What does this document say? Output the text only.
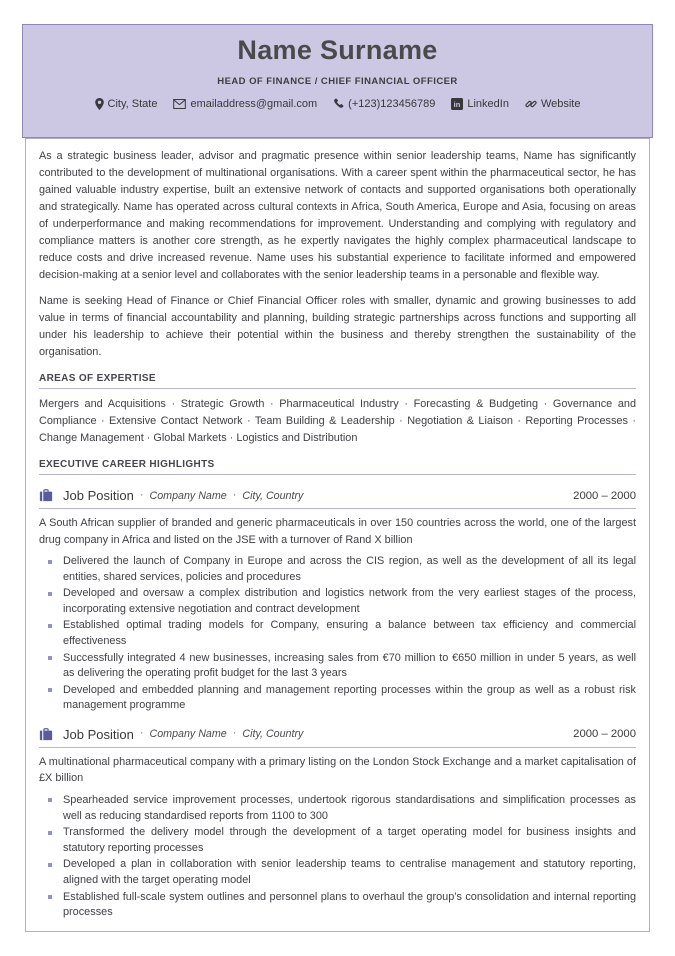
Name Surname
HEAD OF FINANCE / CHIEF FINANCIAL OFFICER
City, State	emailaddress@gmail.com	(+123)123456789 in LinkedIn	Website

As a strategic business leader, advisor and pragmatic presence within senior leadership teams, Name has significantly contributed to the development of multinational organisations. With a career spent within the pharmaceutical sector, he has gained valuable industry expertise, built an extensive network of contacts and supported organisations both operationally and strategically. Name has operated across cultural contexts in Africa, South America, Europe and Asia, focusing on areas of underperformance and making recommendations for improvement. Understanding and complying with regulatory and compliance matters is another core strength, as he expertly navigates the highly complex pharmaceutical landscape to reduce costs and drive increased revenue. Name uses his substantial experience to facilitate informed and empowered decision-making at a senior level and collaborates with the senior leadership teams in a personable and flexible way.

Name is seeking Head of Finance or Chief Financial Officer roles with smaller, dynamic and growing businesses to add value in terms of financial accountability and planning, building strategic partnerships across functions and supporting all under his leadership to achieve their potential within the business and thereby strengthen the sustainability of the organisation.

AREAS OF EXPERTISE

Mergers and Acquisitions · Strategic Growth · Pharmaceutical Industry · Forecasting & Budgeting · Governance and Compliance · Extensive Contact Network · Team Building & Leadership · Negotiation & Liaison · Reporting Processes · Change Management · Global Markets · Logistics and Distribution

EXECUTIVE CAREER HIGHLIGHTS
Job Position · Company Name · City, Country	2000 – 2000

A South African supplier of branded and generic pharmaceuticals in over 150 countries across the world, one of the largest drug company in Africa and listed on the JSE with a turnover of Rand X billion

Delivered the launch of Company in Europe and across the CIS region, as well as the development of all its legal entities, shared services, policies and procedures
Developed and oversaw a complex distribution and logistics network from the very earliest stages of the process, incorporating extensive negotiation and contract development
Established optimal trading models for Company, ensuring a balance between tax efficiency and commercial effectiveness
Successfully integrated 4 new businesses, increasing sales from €70 million to €650 million in under 5 years, as well as delivering the operating profit budget for the last 3 years
Developed and embedded planning and management reporting processes within the group as well as a robust risk management programme
Job Position · Company Name · City, Country	2000 – 2000

A multinational pharmaceutical company with a primary listing on the London Stock Exchange and a market capitalisation of £X billion

Spearheaded service improvement processes, undertook rigorous standardisations and simplification processes as well as reducing standardised reports from 1100 to 300
Transformed the delivery model through the development of a target operating model for business insights and statutory reporting processes
Developed a plan in collaboration with senior leadership teams to centralise management and statutory reporting, aligned with the target operating model
Established full-scale system outlines and personnel plans to overhaul the group’s consolidation and internal reporting processes
